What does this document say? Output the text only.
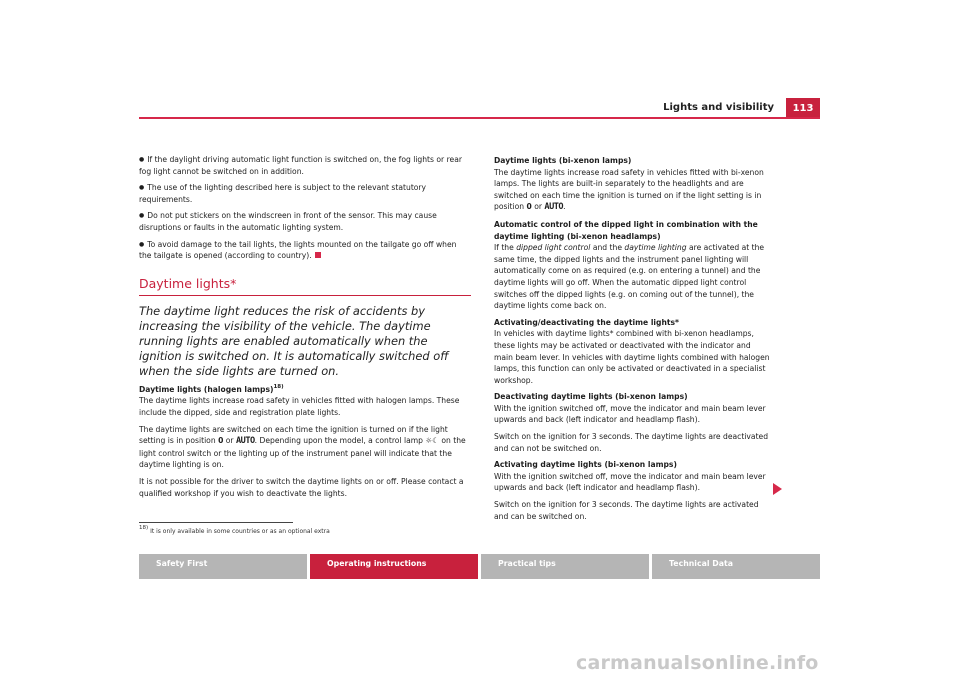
Lights and visibility	113

● If the daylight driving automatic light function is switched on, the fog lights or rear fog light cannot be switched on in addition.

● The use of the lighting described here is subject to the relevant statutory requirements.

● Do not put stickers on the windscreen in front of the sensor. This may cause disruptions or faults in the automatic lighting system.

● To avoid damage to the tail lights, the lights mounted on the tailgate go off when the tailgate is opened (according to country).

Daytime lights*

The daytime light reduces the risk of accidents by increasing the visibility of the vehicle. The daytime running lights are enabled automatically when the ignition is switched on. It is automatically switched off when the side lights are turned on.

Daytime lights (halogen lamps)$^{18)}$
The daytime lights increase road safety in vehicles fitted with halogen lamps. These include the dipped, side and registration plate lights.

The daytime lights are switched on each time the ignition is turned on if the light setting is in position 0 or AUTO. Depending upon the model, a control lamp ☼☾ on the light control switch or the lighting up of the instrument panel will indicate that the daytime lighting is on.

It is not possible for the driver to switch the daytime lights on or off. Please contact a qualified workshop if you wish to deactivate the lights.

Daytime lights (bi-xenon lamps)
The daytime lights increase road safety in vehicles fitted with bi-xenon lamps. The lights are built-in separately to the headlights and are switched on each time the ignition is turned on if the light setting is in position 0 or AUTO.

Automatic control of the dipped light in combination with the daytime lighting (bi-xenon headlamps)
If the dipped light control and the daytime lighting are activated at the same time, the dipped lights and the instrument panel lighting will automatically come on as required (e.g. on entering a tunnel) and the daytime lights will go off. When the automatic dipped light control switches off the dipped lights (e.g. on coming out of the tunnel), the daytime lights come back on.

Activating/deactivating the daytime lights*
In vehicles with daytime lights* combined with bi-xenon headlamps, these lights may be activated or deactivated with the indicator and main beam lever. In vehicles with daytime lights combined with halogen lamps, this function can only be activated or deactivated in a specialist workshop.

Deactivating daytime lights (bi-xenon lamps)
With the ignition switched off, move the indicator and main beam lever upwards and back (left indicator and headlamp flash).

Switch on the ignition for 3 seconds. The daytime lights are deactivated and can not be switched on.

Activating daytime lights (bi-xenon lamps)
With the ignition switched off, move the indicator and main beam lever upwards and back (left indicator and headlamp flash).

Switch on the ignition for 3 seconds. The daytime lights are activated and can be switched on.

$^{18)}$ It is only available in some countries or as an optional extra
Safety First	Operating instructions	Practical tips	Technical Data
carmanualsonline.info
